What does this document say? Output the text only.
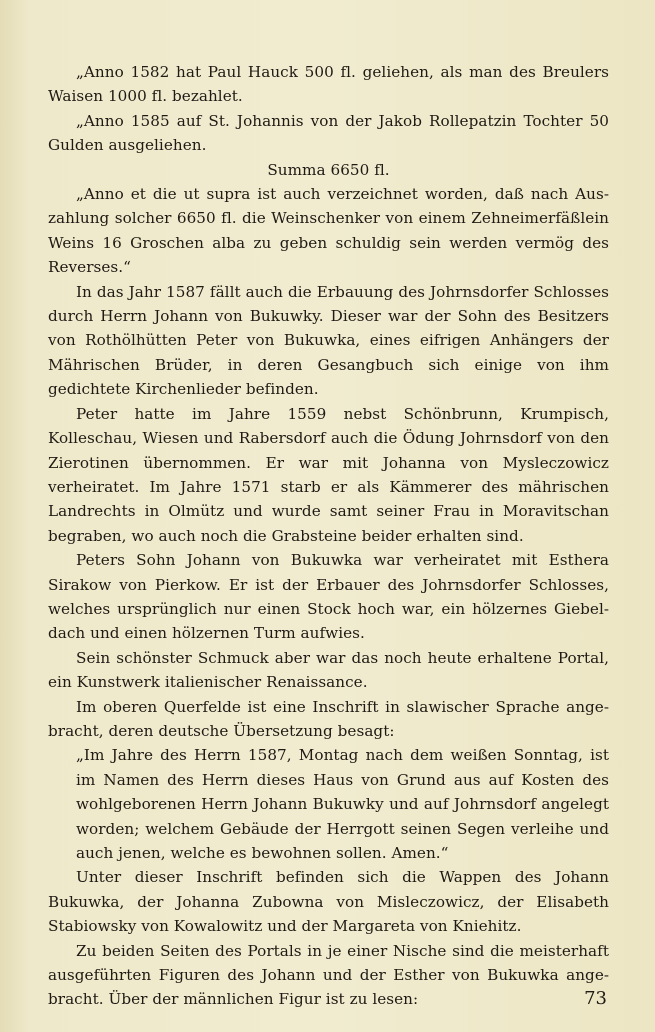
„Anno 1582 hat Paul Hauck 500 fl. geliehen, als man des Breulers Waisen 1000 fl. bezahlet.

„Anno 1585 auf St. Johannis von der Jakob Rollepatzin Tochter 50 Gulden ausgeliehen.

Summa 6650 fl.

„Anno et die ut supra ist auch verzeichnet worden, daß nach Auszahlung solcher 6650 fl. die Weinschenker von einem Zehneimerfäßlein Weins 16 Groschen alba zu geben schuldig sein werden vermög des Reverses.“

In das Jahr 1587 fällt auch die Erbauung des Johrnsdorfer Schlosses durch Herrn Johann von Bukuwky. Dieser war der Sohn des Besitzers von Rothölhütten Peter von Bukuwka, eines eifrigen Anhängers der Mährischen Brüder, in deren Gesangbuch sich einige von ihm gedichtete Kirchenlieder befinden.

Peter hatte im Jahre 1559 nebst Schönbrunn, Krumpisch, Kolleschau, Wiesen und Rabersdorf auch die Ödung Johrnsdorf von den Zierotinen übernommen. Er war mit Johanna von Mysleczowicz verheiratet. Im Jahre 1571 starb er als Kämmerer des mährischen Landrechts in Olmütz und wurde samt seiner Frau in Moravitschan begraben, wo auch noch die Grabsteine beider erhalten sind.

Peters Sohn Johann von Bukuwka war verheiratet mit Esthera Sirakow von Pierkow. Er ist der Erbauer des Johrnsdorfer Schlosses, welches ursprünglich nur einen Stock hoch war, ein hölzernes Giebeldach und einen hölzernen Turm aufwies.

Sein schönster Schmuck aber war das noch heute erhaltene Portal, ein Kunstwerk italienischer Renaissance.

Im oberen Querfelde ist eine Inschrift in slawischer Sprache angebracht, deren deutsche Übersetzung besagt:

„Im Jahre des Herrn 1587, Montag nach dem weißen Sonntag, ist im Namen des Herrn dieses Haus von Grund aus auf Kosten des wohlgeborenen Herrn Johann Bukuwky und auf Johrnsdorf angelegt worden; welchem Gebäude der Herrgott seinen Segen verleihe und auch jenen, welche es bewohnen sollen. Amen.“

Unter dieser Inschrift befinden sich die Wappen des Johann Bukuwka, der Johanna Zubowna von Misleczowicz, der Elisabeth Stabiowsky von Kowalowitz und der Margareta von Kniehitz.

Zu beiden Seiten des Portals in je einer Nische sind die meisterhaft ausgeführten Figuren des Johann und der Esther von Bukuwka angebracht. Über der männlichen Figur ist zu lesen:	73
